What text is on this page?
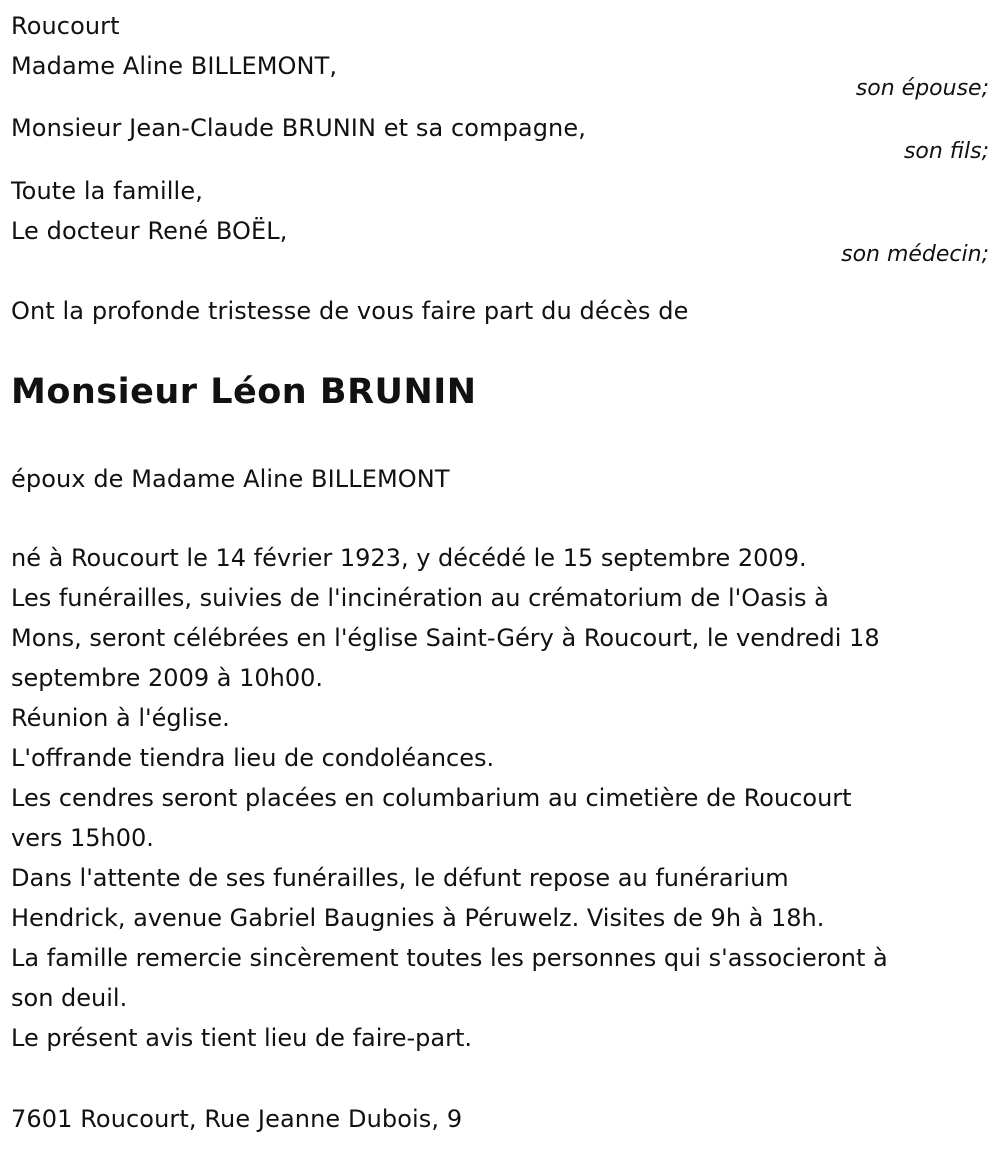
Roucourt
Madame Aline BILLEMONT,
son épouse;
Monsieur Jean-Claude BRUNIN et sa compagne,
son fils;
Toute la famille,
Le docteur René BOËL,
son médecin;
Ont la profonde tristesse de vous faire part du décès de
Monsieur Léon BRUNIN
époux de Madame Aline BILLEMONT
né à Roucourt le 14 février 1923, y décédé le 15 septembre 2009.
Les funérailles, suivies de l'incinération au crématorium de l'Oasis à
Mons, seront célébrées en l'église Saint-Géry à Roucourt, le vendredi 18
septembre 2009 à 10h00.
Réunion à l'église.
L'offrande tiendra lieu de condoléances.
Les cendres seront placées en columbarium au cimetière de Roucourt
vers 15h00.
Dans l'attente de ses funérailles, le défunt repose au funérarium
Hendrick, avenue Gabriel Baugnies à Péruwelz. Visites de 9h à 18h.
La famille remercie sincèrement toutes les personnes qui s'associeront à
son deuil.
Le présent avis tient lieu de faire-part.
7601 Roucourt, Rue Jeanne Dubois, 9
